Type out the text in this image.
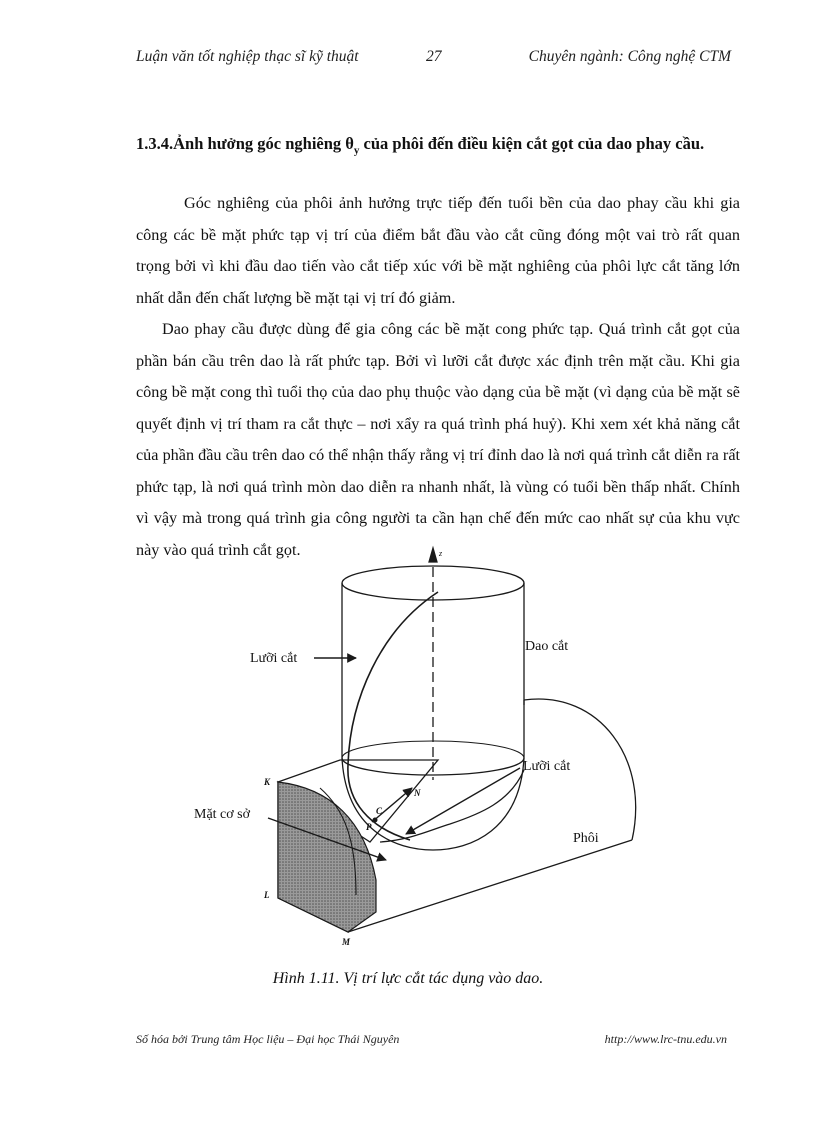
Luận văn tốt nghiệp thạc sĩ kỹ thuật	27	Chuyên ngành: Công nghệ CTM
1.3.4.Ảnh hưởng góc nghiêng $\theta_y$ của phôi đến điều kiện cắt gọt của dao phay cầu.

Góc nghiêng của phôi ảnh hưởng trực tiếp đến tuổi bền của dao phay cầu khi gia công các bề mặt phức tạp vị trí của điểm bắt đầu vào cắt cũng đóng một vai trò rất quan trọng bởi vì khi đầu dao tiến vào cắt tiếp xúc với bề mặt nghiêng của phôi lực cắt tăng lớn nhất dẫn đến chất lượng bề mặt tại vị trí đó giảm.

Dao phay cầu được dùng để gia công các bề mặt cong phức tạp. Quá trình cắt gọt của phần bán cầu trên dao là rất phức tạp. Bởi vì lưỡi cắt được xác định trên mặt cầu. Khi gia công bề mặt cong thì tuổi thọ của dao phụ thuộc vào dạng của bề mặt (vì dạng của bề mặt sẽ quyết định vị trí tham ra cắt thực – nơi xẩy ra quá trình phá huỷ). Khi xem xét khả năng cắt của phần đầu cầu trên dao có thể nhận thấy rằng vị trí đỉnh dao là nơi quá trình cắt diễn ra rất phức tạp, là nơi quá trình mòn dao diễn ra nhanh nhất, là vùng có tuổi bền thấp nhất. Chính vì vậy mà trong quá trình gia công người ta cần hạn chế đến mức cao nhất sự của khu vực này vào quá trình cắt gọt.	z
Lưỡi cắt
Dao cắt
Lưỡi cắt
Mặt cơ sở
Phôi
K
L
M
N
C
P
Hình 1.11. Vị trí lực cắt tác dụng vào dao.
Số hóa bởi Trung tâm Học liệu – Đại học Thái Nguyên	http://www.lrc-tnu.edu.vn
